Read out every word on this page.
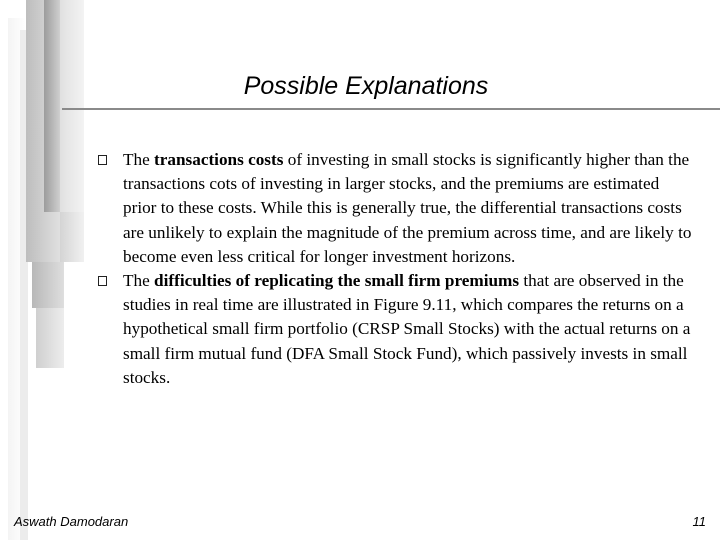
Possible Explanations
The transactions costs of investing in small stocks is significantly higher than the transactions cots of investing in larger stocks, and the premiums are estimated prior to these costs. While this is generally true, the differential transactions costs are unlikely to explain the magnitude of the premium across time, and are likely to become even less critical for longer investment horizons.
The difficulties of replicating the small firm premiums that are observed in the studies in real time are illustrated in Figure 9.11, which compares the returns on a hypothetical small firm portfolio (CRSP Small Stocks) with the actual returns on a small firm mutual fund (DFA Small Stock Fund), which passively invests in small stocks.
Aswath Damodaran	11
